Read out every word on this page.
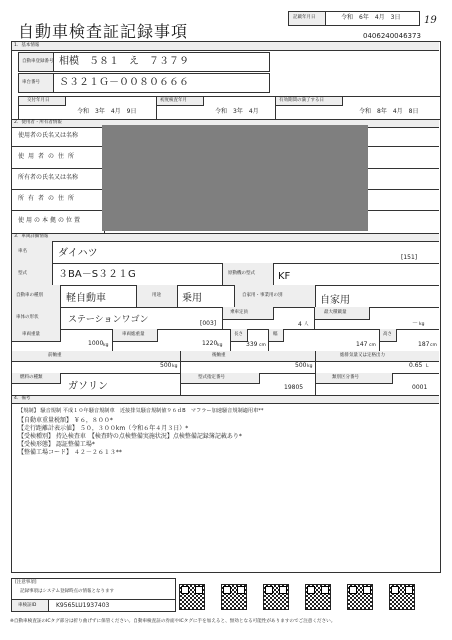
自動車検査証記録事項
記載年月日	令和　6年　4月　3日 19
0406240046373
1．基本情報
自動車登録番号 相模　５８１　え　７３７９
車台番号 Ｓ３２１Ｇ－００８０６６６
交付年月日
令和　3年　4月　9日
初度検査年月
令和　3年　4月
有効期間の満了する日
令和　8年　4月　8日
2．使用者・所有者情報
使用者の氏名又は名称
使用者の住所
所有者の氏名又は名称
所有者の住所
使用の本拠の位置
3．車両詳細情報
車名	ダイハツ	[151]
型式	３BA－S３２１G	原動機の型式 KF
自動車の種別 軽自動車	用途 乗用	自家用・事業用の別	自家用
車体の形状	ステーションワゴン	[003]
乗車定員
4 人
最大積載量
－ kg
車両重量
1000 kg
車両総重量
1220 kg
長さ
339 cm
幅
147 cm
高さ
187 cm
前軸重
500 kg
後軸重
500 kg
総排気量又は定格出力
0.65 L
燃料の種類
ガソリン
型式指定番号
19805
類別区分番号
0001
4．備考
【規制】 騒音規制 平成１０年騒音規制車　近接排気騒音規制値９６ｄB　マフラー加速騒音規制適用車**
【自動車重量税額】 ￥６，８００*
【走行距離計表示値】 ５０，３００km（令和６年４月３日）*
【受検種別】 持込検査車　【検査時の点検整備実施状況】点検整備記録簿記載あり*
【受検形態】 認証整備工場*
【整備工場コード】 ４２－２６１３**
[注意事項]
記録事項はシステム登録時点の情報となります
車検証ID	K9565LU1937403
※自動車検査証のICタグ部分は折り曲げずに保管ください。自動車検査証の券面やICタグに手を加えると、無効となる可能性がありますのでご注意ください。
